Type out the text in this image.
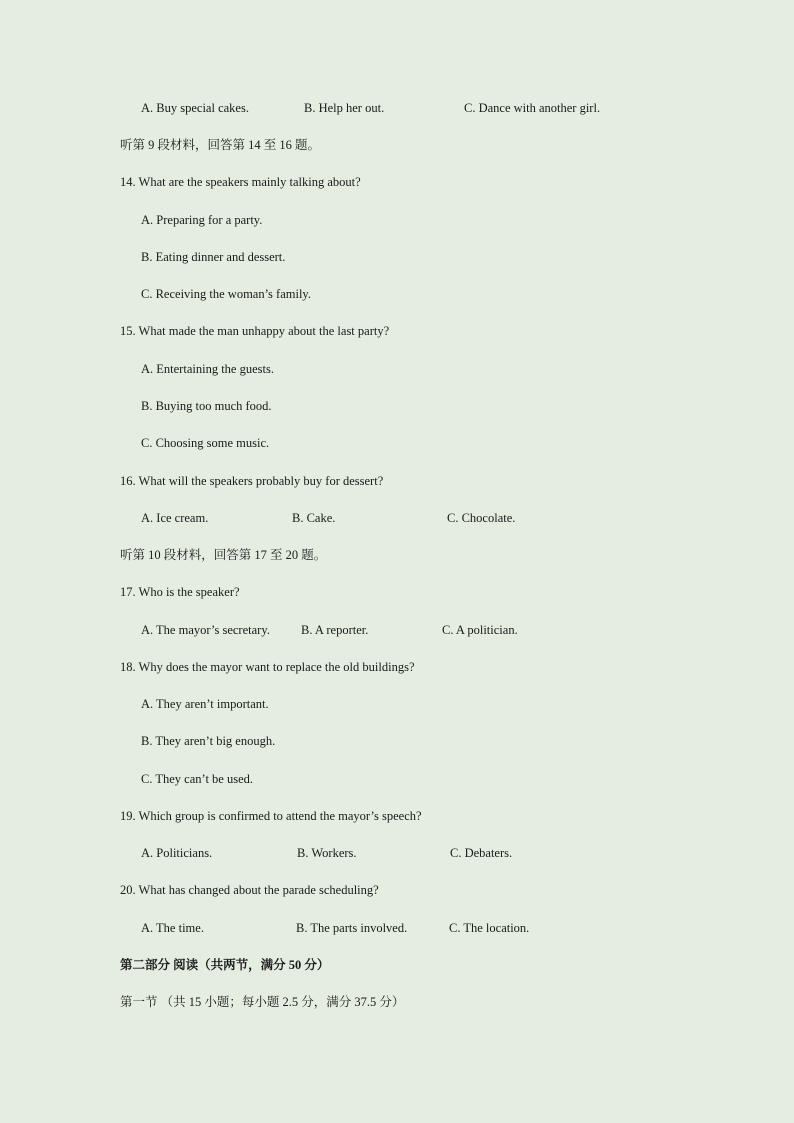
A. Buy special cakes.	B. Help her out.	C. Dance with another girl.
听第 9 段材料，回答第 14 至 16 题。
14. What are the speakers mainly talking about?
A. Preparing for a party.
B. Eating dinner and dessert.
C. Receiving the woman’s family.
15. What made the man unhappy about the last party?
A. Entertaining the guests.
B. Buying too much food.
C. Choosing some music.
16. What will the speakers probably buy for dessert?
A. Ice cream.	B. Cake.	C. Chocolate.
听第 10 段材料，回答第 17 至 20 题。
17. Who is the speaker?
A. The mayor’s secretary. B. A reporter.	C. A politician.
18. Why does the mayor want to replace the old buildings?
A. They aren’t important.
B. They aren’t big enough.
C. They can’t be used.
19. Which group is confirmed to attend the mayor’s speech?
A. Politicians.	B. Workers.	C. Debaters.
20. What has changed about the parade scheduling?
A. The time.	B. The parts involved.	C. The location.
第二部分 阅读（共两节，满分 50 分）
第一节 （共 15 小题；每小题 2.5 分，满分 37.5 分）
